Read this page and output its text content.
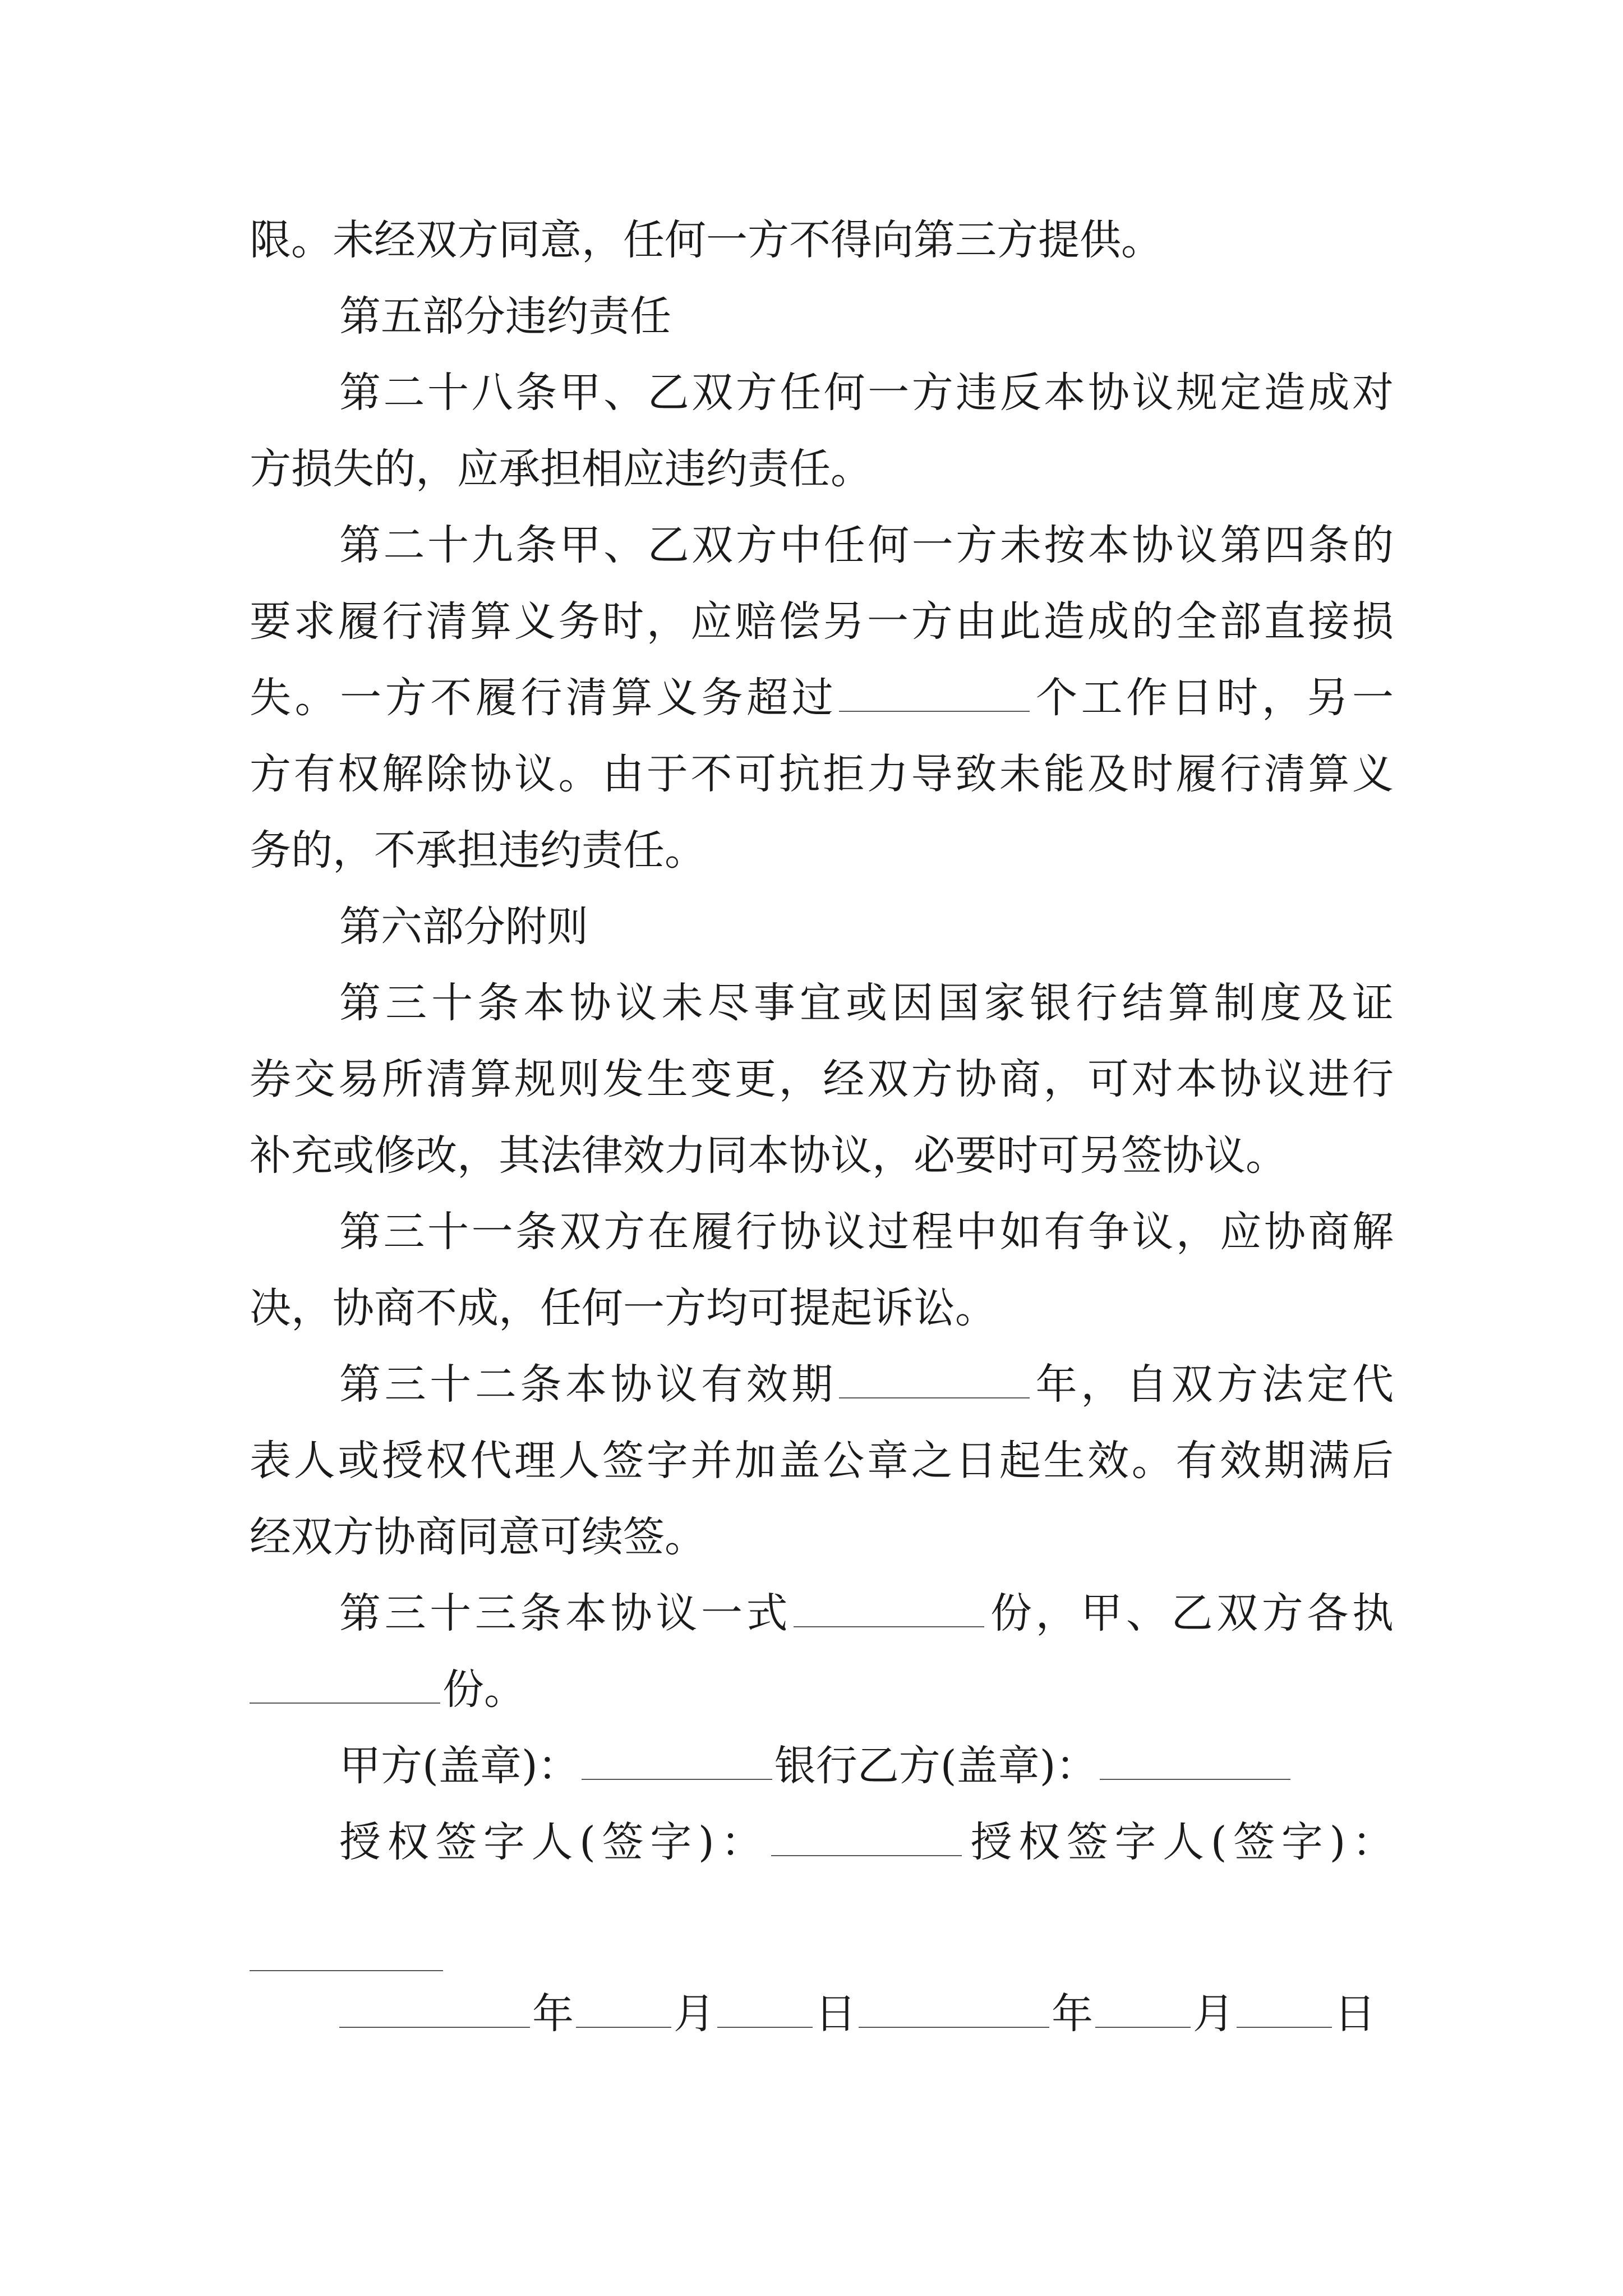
限。未经双方同意，任何一方不得向第三方提供。
第五部分违约责任
第二十八条甲、乙双方任何一方违反本协议规定造成对
方损失的，应承担相应违约责任。
第二十九条甲、乙双方中任何一方未按本协议第四条的
要求履行清算义务时，应赔偿另一方由此造成的全部直接损
失。一方不履行清算义务超过	个工作日时，另一
方有权解除协议。由于不可抗拒力导致未能及时履行清算义
务的，不承担违约责任。
第六部分附则
第三十条本协议未尽事宜或因国家银行结算制度及证
券交易所清算规则发生变更，经双方协商，可对本协议进行
补充或修改，其法律效力同本协议，必要时可另签协议。
第三十一条双方在履行协议过程中如有争议，应协商解
决，协商不成，任何一方均可提起诉讼。
第三十二条本协议有效期	年，自双方法定代
表人或授权代理人签字并加盖公章之日起生效。有效期满后
经双方协商同意可续签。
第三十三条本协议一式	份，甲、乙双方各执
份。
甲方(盖章)：	银行乙方(盖章)：
授权签字人(签字)：	授权签字人(签字)：
年 月 日	年 月 日
